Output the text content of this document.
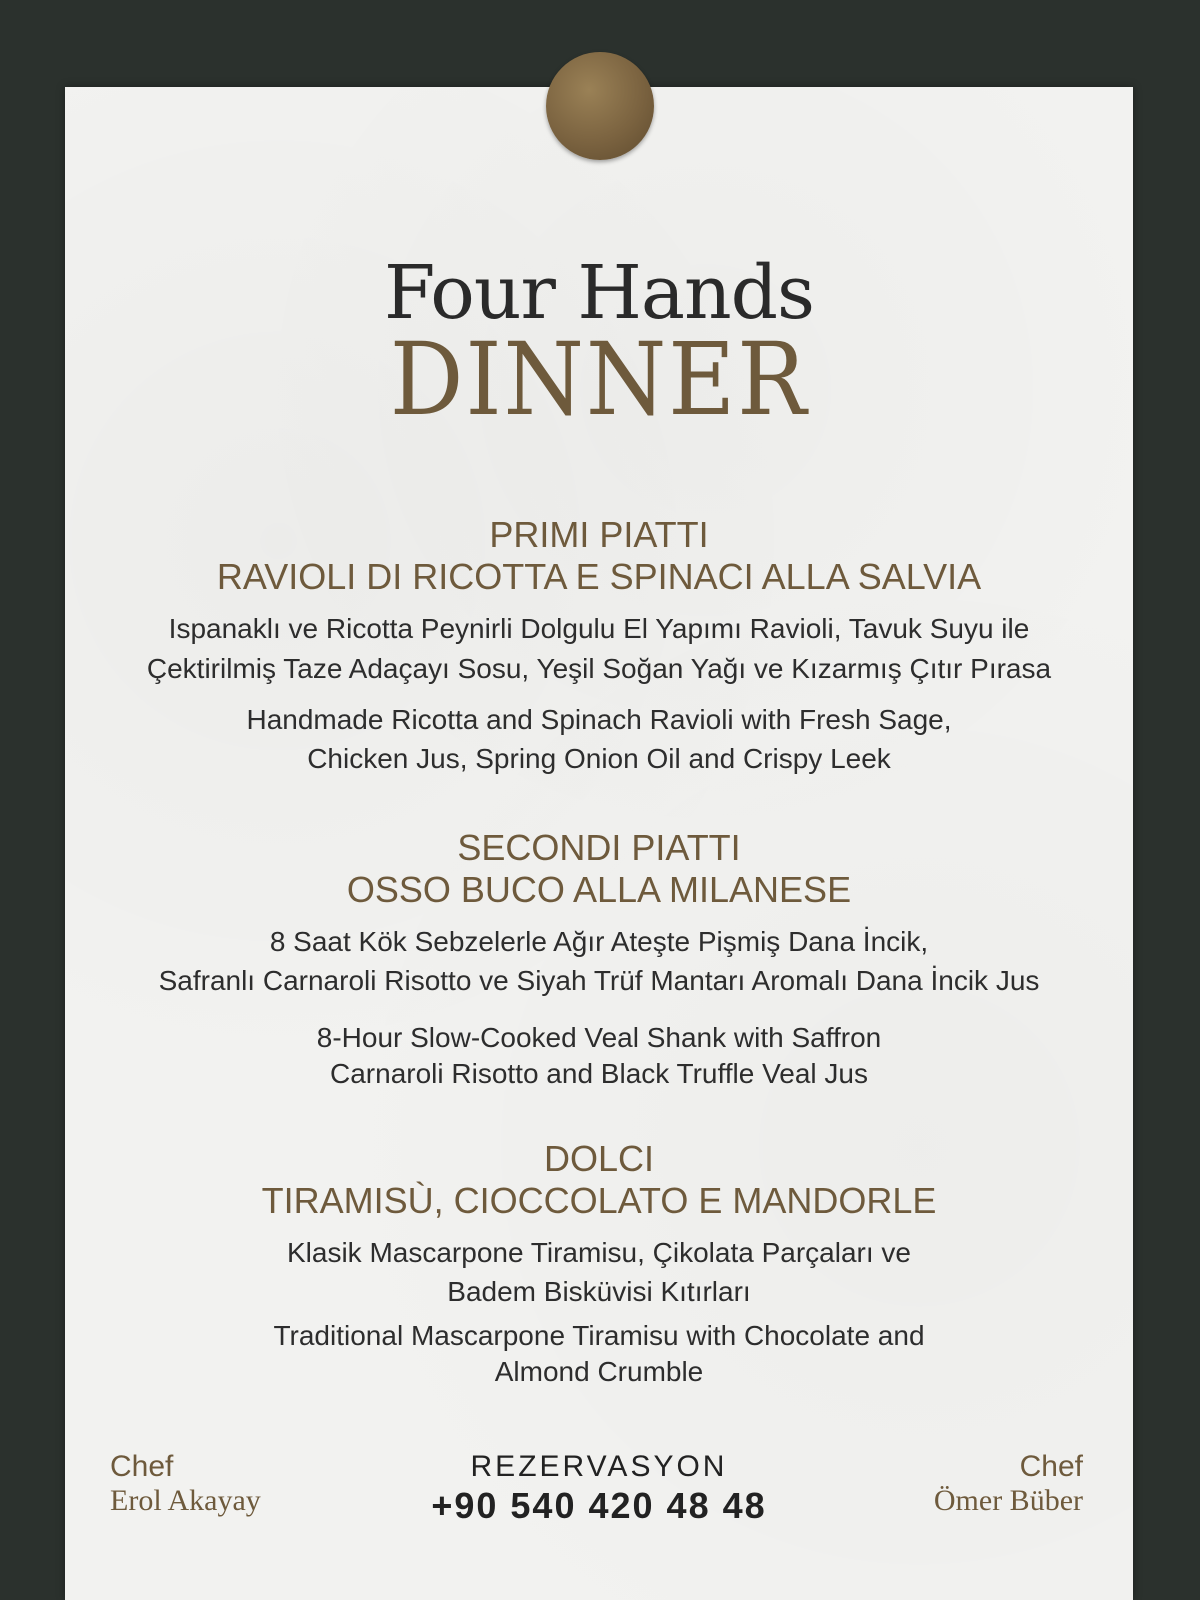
Four Hands
DINNER
PRIMI PIATTI
RAVIOLI DI RICOTTA E SPINACI ALLA SALVIA
Ispanaklı ve Ricotta Peynirli Dolgulu El Yapımı Ravioli, Tavuk Suyu ile
Çektirilmiş Taze Adaçayı Sosu, Yeşil Soğan Yağı ve Kızarmış Çıtır Pırasa
Handmade Ricotta and Spinach Ravioli with Fresh Sage,
Chicken Jus, Spring Onion Oil and Crispy Leek
SECONDI PIATTI
OSSO BUCO ALLA MILANESE
8 Saat Kök Sebzelerle Ağır Ateşte Pişmiş Dana İncik,
Safranlı Carnaroli Risotto ve Siyah Trüf Mantarı Aromalı Dana İncik Jus
8-Hour Slow-Cooked Veal Shank with Saffron
Carnaroli Risotto and Black Truffle Veal Jus
DOLCI
TIRAMISÙ, CIOCCOLATO E MANDORLE
Klasik Mascarpone Tiramisu, Çikolata Parçaları ve
Badem Bisküvisi Kıtırları
Traditional Mascarpone Tiramisu with Chocolate and
Almond Crumble
Chef
Erol Akayay
Chef
Ömer Büber
REZERVASYON
+90 540 420 48 48
